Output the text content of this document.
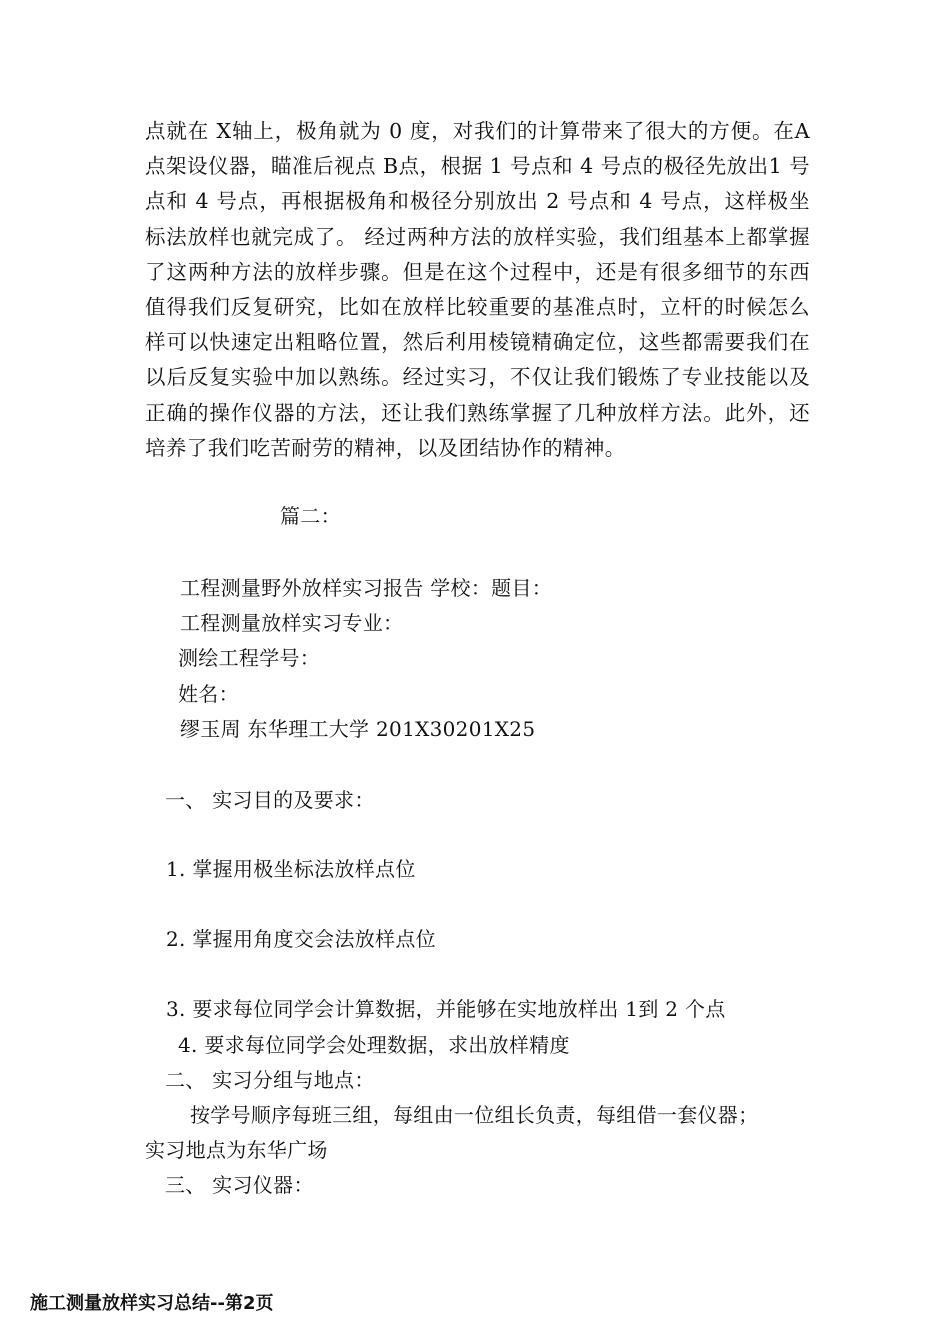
点就在 X轴上，极角就为 0 度，对我们的计算带来了很大的方便。在A点架设仪器，瞄准后视点 B点，根据 1 号点和 4 号点的极径先放出1 号点和 4 号点，再根据极角和极径分别放出 2 号点和 4 号点，这样极坐标法放样也就完成了。 经过两种方法的放样实验，我们组基本上都掌握了这两种方法的放样步骤。但是在这个过程中，还是有很多细节的东西值得我们反复研究，比如在放样比较重要的基准点时，立杆的时候怎么样可以快速定出粗略位置，然后利用棱镜精确定位，这些都需要我们在以后反复实验中加以熟练。经过实习，不仅让我们锻炼了专业技能以及正确的操作仪器的方法，还让我们熟练掌握了几种放样方法。此外，还培养了我们吃苦耐劳的精神，以及团结协作的精神。

篇二：
工程测量野外放样实习报告 学校：题目：
工程测量放样实习专业：
测绘工程学号：
姓名：
缪玉周 东华理工大学 201X30201X25
一、 实习目的及要求：
1. 掌握用极坐标法放样点位
2. 掌握用角度交会法放样点位
3. 要求每位同学会计算数据，并能够在实地放样出 1到 2 个点
4. 要求每位同学会处理数据，求出放样精度
二、 实习分组与地点：
按学号顺序每班三组，每组由一位组长负责，每组借一套仪器；
实习地点为东华广场
三、 实习仪器：
施工测量放样实习总结--第2页
